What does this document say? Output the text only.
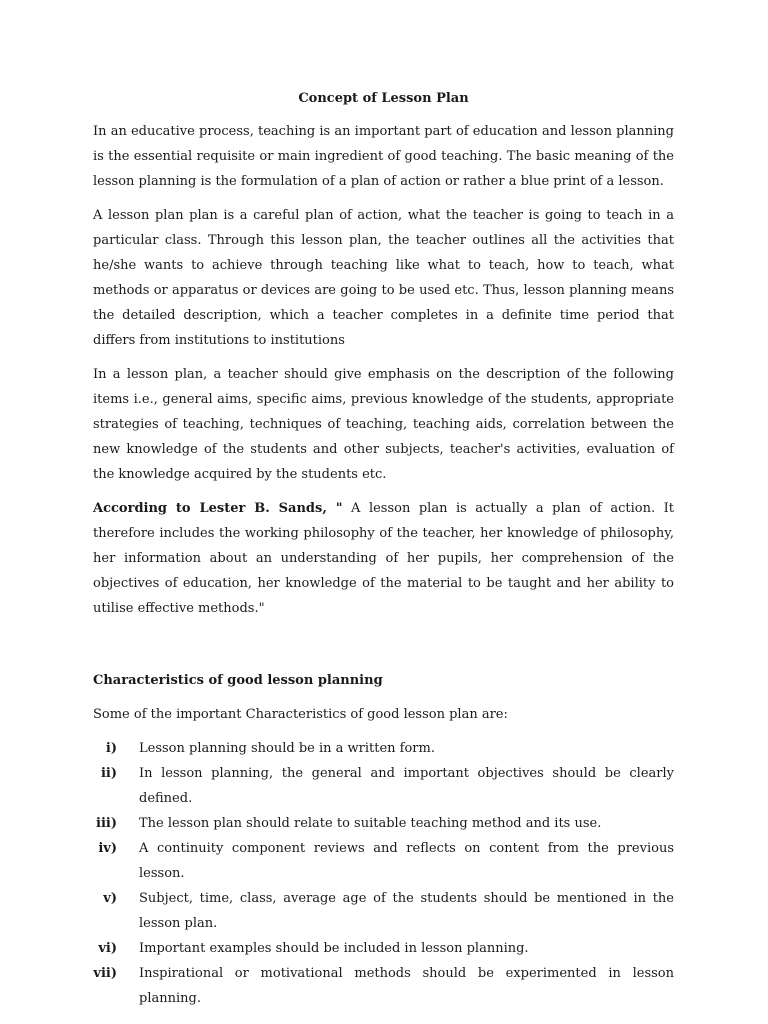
Concept of Lesson Plan

In an educative process, teaching is an important part of education and lesson planning is the essential requisite or main ingredient of good teaching. The basic meaning of the lesson planning is the formulation of a plan of action or rather a blue print of a lesson.

A lesson plan plan is a careful plan of action, what the teacher is going to teach in a particular class. Through this lesson plan, the teacher outlines all the activities that he/she wants to achieve through teaching like what to teach, how to teach, what methods or apparatus or devices are going to be used etc. Thus, lesson planning means the detailed description, which a teacher completes in a definite time period that differs from institutions to institutions

In a lesson plan, a teacher should give emphasis on the description of the following items i.e., general aims, specific aims, previous knowledge of the students, appropriate strategies of teaching, techniques of teaching, teaching aids, correlation between the new knowledge of the students and other subjects, teacher's activities, evaluation of the knowledge acquired by the students etc.

According to Lester B. Sands, " A lesson plan is actually a plan of action. It therefore includes the working philosophy of the teacher, her knowledge of philosophy, her information about an understanding of her pupils, her comprehension of the objectives of education, her knowledge of the material to be taught and her ability to utilise effective methods."

Characteristics of good lesson planning
Some of the important Characteristics of good lesson plan are:
i) Lesson planning should be in a written form.
ii) In lesson planning, the general and important objectives should be clearly defined.
iii) The lesson plan should relate to suitable teaching method and its use.
iv) A continuity component reviews and reflects on content from the previous lesson.
v) Subject, time, class, average age of the students should be mentioned in the lesson plan.
vi) Important examples should be included in lesson planning.
vii) Inspirational or motivational methods should be experimented in lesson planning.
